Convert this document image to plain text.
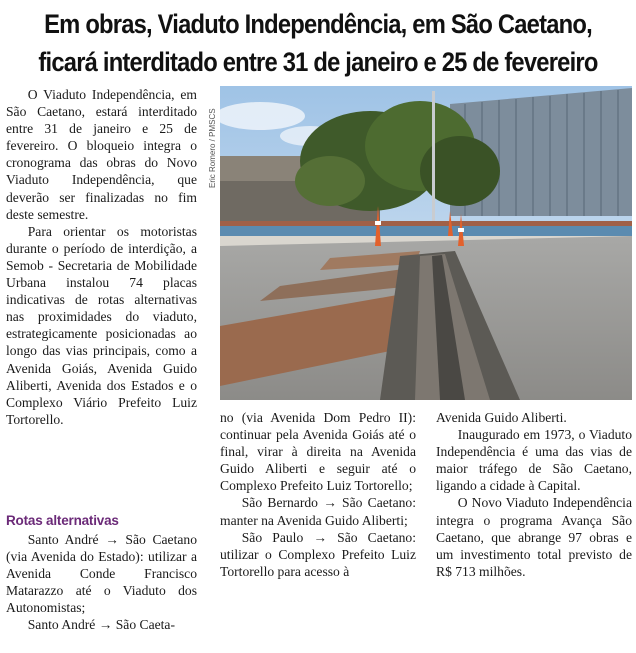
Em obras, Viaduto Independência, em São Caetano,
ficará interditado entre 31 de janeiro e 25 de fevereiro
Eric Romero / PMSCS

O Viaduto Independência, em São Caetano, estará interditado entre 31 de janeiro e 25 de fevereiro. O bloqueio integra o cronograma das obras do Novo Viaduto Independência, que deverão ser finalizadas no fim deste semestre.

Para orientar os motoristas durante o período de interdição, a Semob - Secretaria de Mobilidade Urbana instalou 74 placas indicativas de rotas alternativas nas proximidades do viaduto, estrategicamente posicionadas ao longo das vias principais, como a Avenida Goiás, Avenida Guido Aliberti, Avenida dos Estados e o Complexo Viário Prefeito Luiz Tortorello.

Rotas alternativas

Santo André → São Caetano (via Avenida do Estado): utilizar a Avenida Conde Francisco Matarazzo até o Viaduto dos Autonomistas;

Santo André → São Caeta-

no (via Avenida Dom Pedro II): continuar pela Avenida Goiás até o final, virar à direita na Avenida Guido Aliberti e seguir até o Complexo Prefeito Luiz Tortorello;

São Bernardo → São Caetano: manter na Avenida Guido Aliberti;

São Paulo → São Caetano: utilizar o Complexo Prefeito Luiz Tortorello para acesso à

Avenida Guido Aliberti.

Inaugurado em 1973, o Viaduto Independência é uma das vias de maior tráfego de São Caetano, ligando a cidade à Capital.

O Novo Viaduto Independência integra o programa Avança São Caetano, que abrange 97 obras e um investimento total previsto de R$ 713 milhões.
